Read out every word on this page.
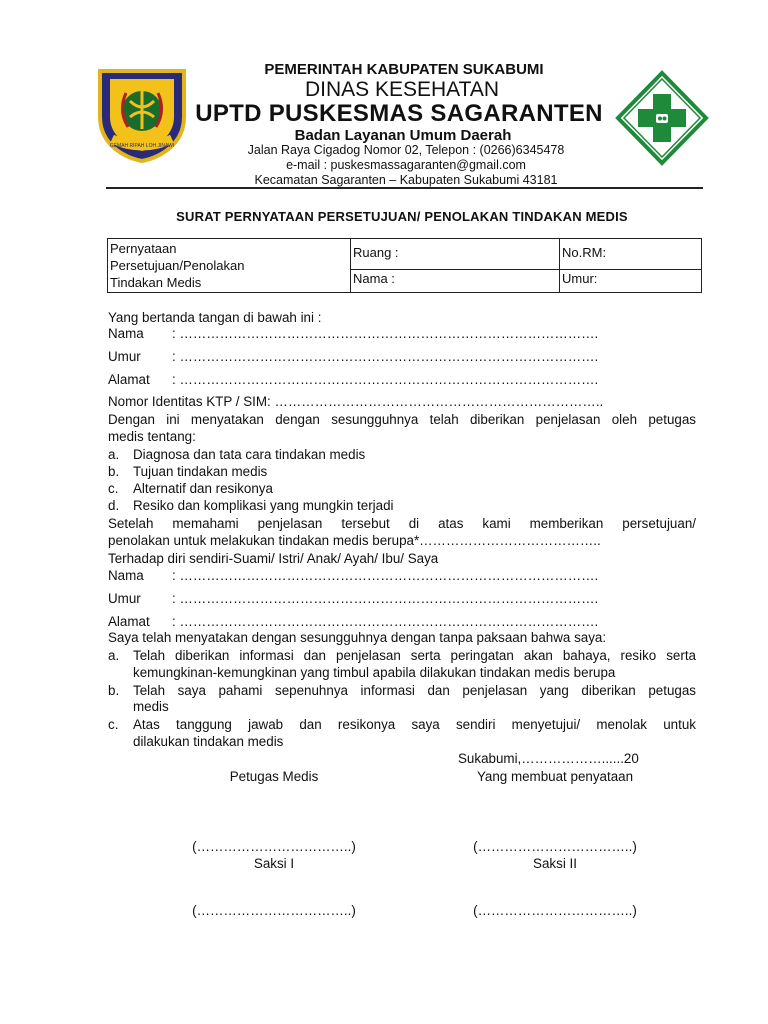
GEMAH RIPAH LOH JINAWI
PEMERINTAH KABUPATEN SUKABUMI
DINAS KESEHATAN
UPTD PUSKESMAS SAGARANTEN
Badan Layanan Umum Daerah
Jalan Raya Cigadog Nomor 02, Telepon : (0266)6345478
e-mail : puskesmassagaranten@gmail.com
Kecamatan Sagaranten – Kabupaten Sukabumi 43181
SURAT PERNYATAAN PERSETUJUAN/ PENOLAKAN TINDAKAN MEDIS
Pernyataan
Persetujuan/Penolakan
Tindakan Medis	Ruang :	No.RM:
	Nama :	Umur:
Yang bertanda tangan di bawah ini :
Nama : ………………………………………………………………………………….
Umur : ………………………………………………………………………………….
Alamat : ………………………………………………………………………………….
Nomor Identitas KTP / SIM: ………………………………………………………………..
Dengan ini menyatakan dengan sesungguhnya telah diberikan penjelasan oleh petugas
medis tentang:
a. Diagnosa dan tata cara tindakan medis
b. Tujuan tindakan medis
c. Alternatif dan resikonya
d. Resiko dan komplikasi yang mungkin terjadi
Setelah memahami penjelasan tersebut di atas kami memberikan persetujuan/
penolakan untuk melakukan tindakan medis berupa*…………………………………..
Terhadap diri sendiri-Suami/ Istri/ Anak/ Ayah/ Ibu/ Saya
Nama : ………………………………………………………………………………….
Umur : ………………………………………………………………………………….
Alamat : ………………………………………………………………………………….
Saya telah menyatakan dengan sesungguhnya dengan tanpa paksaan bahwa saya:
a.	Telah diberikan informasi dan penjelasan serta peringatan akan bahaya, resiko serta
kemungkinan-kemungkinan yang timbul apabila dilakukan tindakan medis berupa
b.	Telah saya pahami sepenuhnya informasi dan penjelasan yang diberikan petugas
medis
c.	Atas tanggung jawab dan resikonya saya sendiri menyetujui/ menolak untuk
dilakukan tindakan medis
Sukabumi,………………......20
Petugas Medis	Yang membuat penyataan
(……………………………..)	(……………………………..)
Saksi I	Saksi II
(……………………………..)	(……………………………..)
